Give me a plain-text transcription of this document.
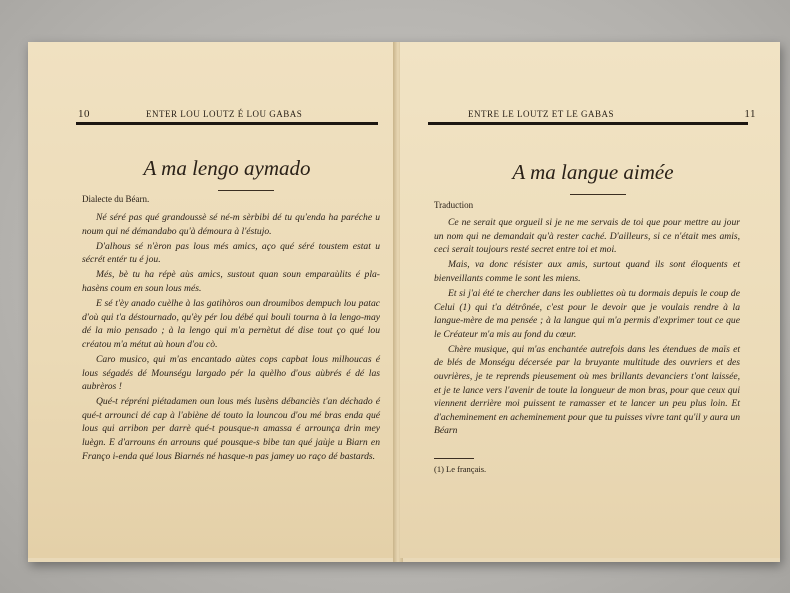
10	ENTER LOU LOUTZ É LOU GABAS
A ma lengo aymado
Dialecte du Béarn.

Né séré pas qué grandoussè sé né-m sèrbibi dé tu qu'enda ha paréche u noum qui né démandabo qu'à démoura à l'éstujo.

D'alhous sé n'èron pas lous més amics, aço qué séré toustem estat u sécrét entér tu é jou.

Més, bè tu ha répè aùs amics, sustout quan soun emparaùlits é pla-hasèns coum en soun lous més.

E sé t'èy anado cuèlhe à las gatihòros oun droumibos dempuch lou patac d'où qui t'a déstournado, qu'èy pér lou débé qui bouli tourna à la lengo-may dé la mio pensado ; à la lengo qui m'a pernètut dé dise tout ço qué lou créatou m'a métut aù houn d'ou cò.

Caro musico, qui m'as encantado aùtes cops capbat lous milhoucas é lous ségadés dé Mounségu largado pér la quèlho d'ous aùbrés é dé las aubrèros !

Qué-t répréni piétadamen oun lous més lusèns débanciès t'an déchado é qué-t arrounci dé cap à l'abiène dé touto la louncou d'ou mé bras enda qué lous qui arribon per darrè qué-t pousque-n amassa é arrounça drin mey luègn. E d'arrouns én arrouns qué pousque-s bibe tan qué jaùje u Biarn en Franço i-enda qué lous Biarnés né hasque-n pas jamey uo raço dé bastards.

ENTRE LE LOUTZ ET LE GABAS	11
A ma langue aimée
Traduction

Ce ne serait que orgueil si je ne me servais de toi que pour mettre au jour un nom qui ne demandait qu'à rester caché. D'ailleurs, si ce n'était mes amis, ceci serait toujours resté secret entre toi et moi.

Mais, va donc résister aux amis, surtout quand ils sont éloquents et bienveillants comme le sont les miens.

Et si j'ai été te chercher dans les oubliettes où tu dormais depuis le coup de Celui (1) qui t'a détrônée, c'est pour le devoir que je voulais rendre à la langue-mère de ma pensée ; à la langue qui m'a permis d'exprimer tout ce que le Créateur m'a mis au fond du cœur.

Chère musique, qui m'as enchantée autrefois dans les étendues de maïs et de blés de Monségu décersée par la bruyante multitude des ouvriers et des ouvrières, je te reprends pieusement où mes brillants devanciers t'ont laissée, et je te lance vers l'avenir de toute la longueur de mon bras, pour que ceux qui viennent derrière moi puissent te ramasser et te lancer un peu plus loin. Et d'acheminement en acheminement pour que tu puisses vivre tant qu'il y aura un Béarn

(1) Le français.
